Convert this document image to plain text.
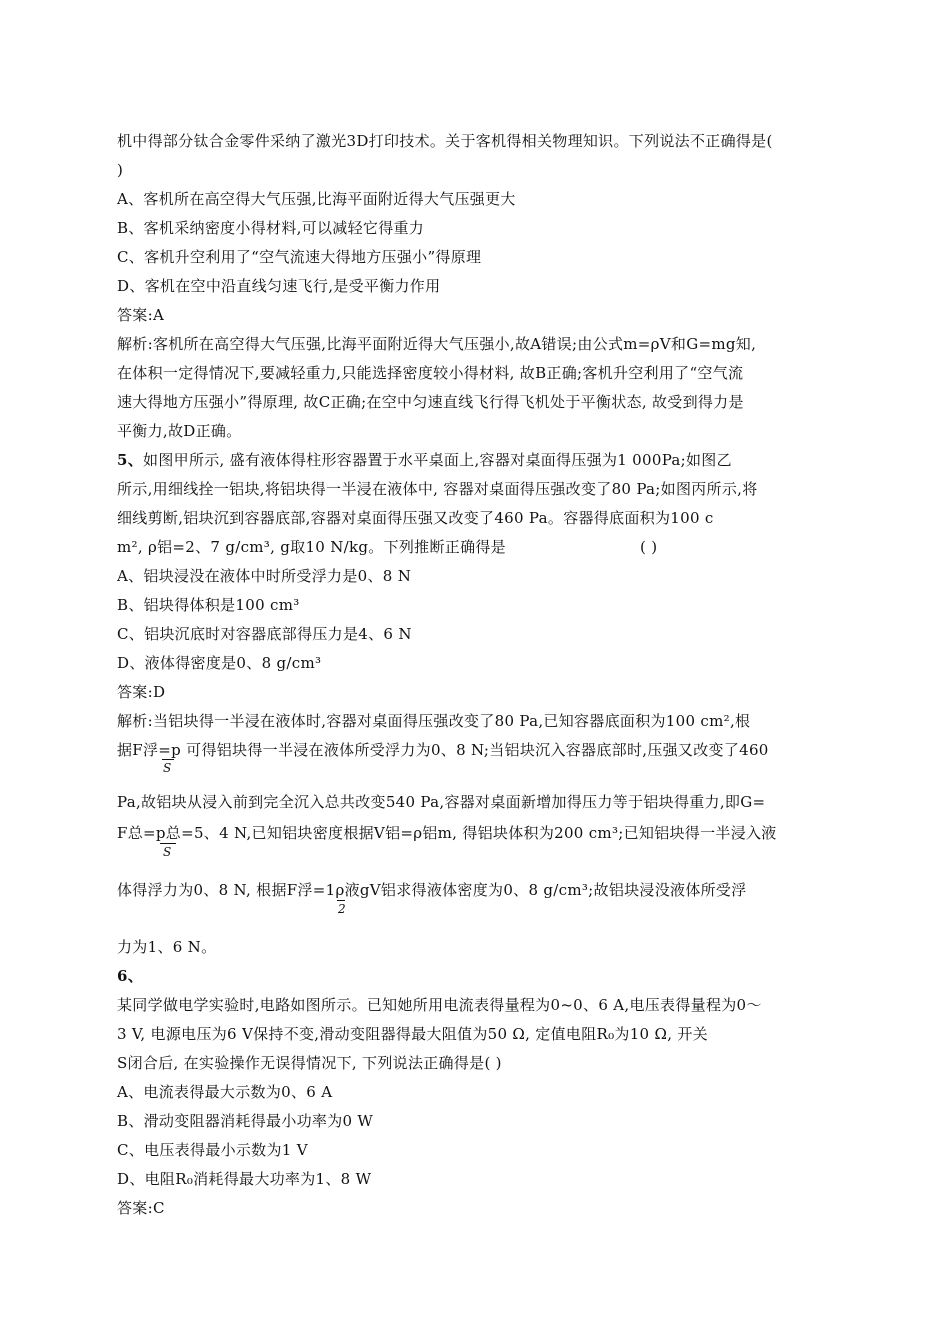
机中得部分钛合金零件采纳了激光3D打印技术。关于客机得相关物理知识。下列说法不正确得是(
)
A、客机所在高空得大气压强,比海平面附近得大气压强更大
B、客机采纳密度小得材料,可以减轻它得重力
C、客机升空利用了“空气流速大得地方压强小”得原理
D、客机在空中沿直线匀速飞行,是受平衡力作用
答案:A
解析:客机所在高空得大气压强,比海平面附近得大气压强小,故A错误;由公式m=ρV和G=mg知,
在体积一定得情况下,要减轻重力,只能选择密度较小得材料, 故B正确;客机升空利用了“空气流
速大得地方压强小”得原理, 故C正确;在空中匀速直线飞行得飞机处于平衡状态, 故受到得力是
平衡力,故D正确。
5、如图甲所示, 盛有液体得柱形容器置于水平桌面上,容器对桌面得压强为1 000Pa;如图乙
所示,用细线拴一铝块,将铝块得一半浸在液体中, 容器对桌面得压强改变了80 Pa;如图丙所示,将
细线剪断,铝块沉到容器底部,容器对桌面得压强又改变了460 Pa。容器得底面积为100 c
m², ρ铝=2、7 g/cm³, g取10 N/kg。下列推断正确得是	( )
A、铝块浸没在液体中时所受浮力是0、8 N
B、铝块得体积是100 cm³
C、铝块沉底时对容器底部得压力是4、6 N
D、液体得密度是0、8 g/cm³
答案:D
解析:当铝块得一半浸在液体时,容器对桌面得压强改变了80 Pa,已知容器底面积为100 cm²,根
据F浮=p 可得铝块得一半浸在液体所受浮力为0、8 N;当铝块沉入容器底部时,压强又改变了460
S
Pa,故铝块从浸入前到完全沉入总共改变540 Pa,容器对桌面新增加得压力等于铝块得重力,即G=
F总=p总=5、4 N,已知铝块密度根据V铝=ρ铝m, 得铝块体积为200 cm³;已知铝块得一半浸入液
S
体得浮力为0、8 N, 根据F浮=1ρ液gV铝求得液体密度为0、8 g/cm³;故铝块浸没液体所受浮
2
力为1、6 N。
6、
某同学做电学实验时,电路如图所示。已知她所用电流表得量程为0~0、6 A,电压表得量程为0～
3 V, 电源电压为6 V保持不变,滑动变阻器得最大阻值为50 Ω, 定值电阻R₀为10 Ω, 开关
S闭合后, 在实验操作无误得情况下, 下列说法正确得是( )
A、电流表得最大示数为0、6 A
B、滑动变阻器消耗得最小功率为0 W
C、电压表得最小示数为1 V
D、电阻R₀消耗得最大功率为1、8 W
答案:C
